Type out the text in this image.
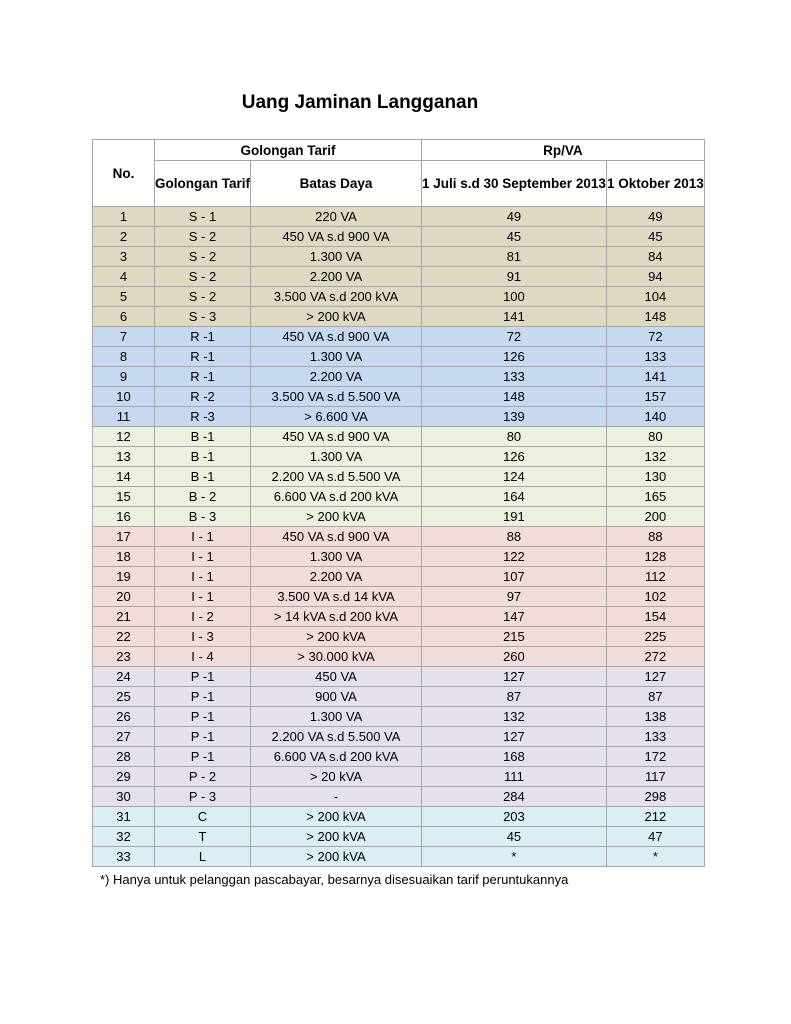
Uang Jaminan Langganan
No.	Golongan Tarif		Rp/VA	
	Golongan Tarif	Batas Daya	1 Juli s.d 30 September 2013	1 Oktober 2013
1	S - 1	220 VA	49	49
2	S - 2	450 VA s.d 900 VA	45	45
3	S - 2	1.300 VA	81	84
4	S - 2	2.200 VA	91	94
5	S - 2	3.500 VA s.d 200 kVA	100	104
6	S - 3	> 200 kVA	141	148
7	R -1	450 VA s.d 900 VA	72	72
8	R -1	1.300 VA	126	133
9	R -1	2.200 VA	133	141
10	R -2	3.500 VA s.d 5.500 VA	148	157
11	R -3	> 6.600 VA	139	140
12	B -1	450 VA s.d 900 VA	80	80
13	B -1	1.300 VA	126	132
14	B -1	2.200 VA s.d 5.500 VA	124	130
15	B - 2	6.600 VA s.d 200 kVA	164	165
16	B - 3	> 200 kVA	191	200
17	I - 1	450 VA s.d 900 VA	88	88
18	I - 1	1.300 VA	122	128
19	I - 1	2.200 VA	107	112
20	I - 1	3.500 VA s.d 14 kVA	97	102
21	I - 2	> 14 kVA s.d 200 kVA	147	154
22	I - 3	> 200 kVA	215	225
23	I - 4	> 30.000 kVA	260	272
24	P -1	450 VA	127	127
25	P -1	900 VA	87	87
26	P -1	1.300 VA	132	138
27	P -1	2.200 VA s.d 5.500 VA	127	133
28	P -1	6.600 VA s.d 200 kVA	168	172
29	P - 2	> 20 kVA	111	117
30	P - 3	-	284	298
31	C	> 200 kVA	203	212
32	T	> 200 kVA	45	47
33	L	> 200 kVA	*	*
*) Hanya untuk pelanggan pascabayar, besarnya disesuaikan tarif peruntukannya
